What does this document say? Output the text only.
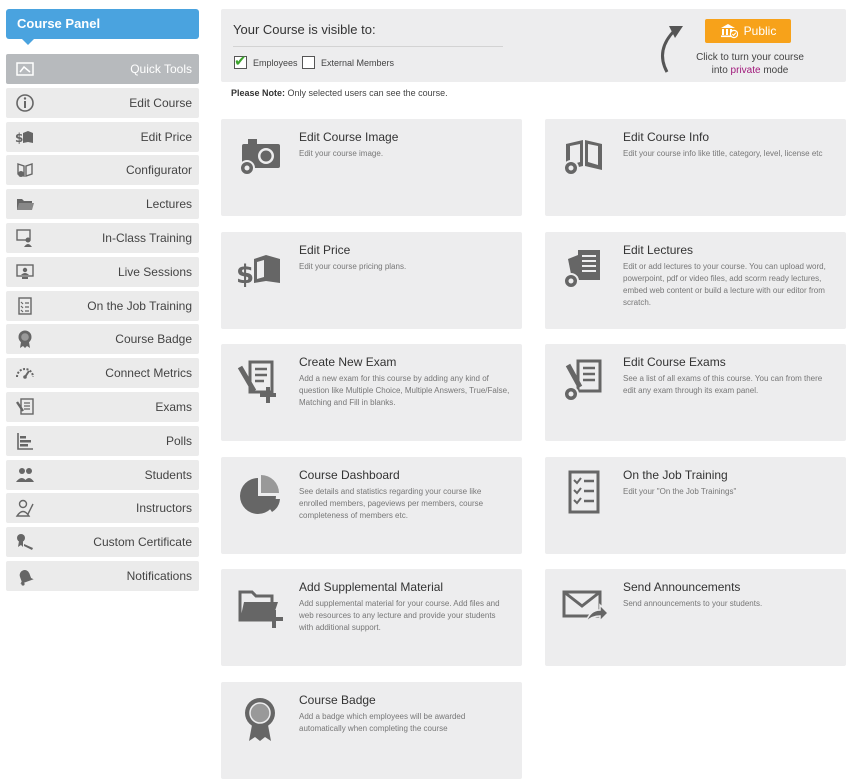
Course Panel
Quick Tools
Edit Course
$	Edit Price
Configurator
Lectures
In-Class Training
Live Sessions
On the Job Training
Course Badge
Connect Metrics
Exams
Polls
Students
Instructors
Custom Certificate
Notifications
Your Course is visible to:
✔
Employees	External Members
Public
Click to turn your course
into private mode
Please Note: Only selected users can see the course.
Edit Course Image
Edit your course image.
Edit Course Info
Edit your course info like title, category, level, license etc
$
Edit Price
Edit your course pricing plans.
Edit Lectures
Edit or add lectures to your course. You can upload word, powerpoint, pdf or video files, add scorm ready lectures, embed web content or build a lecture with our editor from scratch.
Create New Exam
Add a new exam for this course by adding any kind of question like Multiple Choice, Multiple Answers, True/False, Matching and Fill in blanks.
Edit Course Exams
See a list of all exams of this course. You can from there edit any exam through its exam panel.
Course Dashboard
See details and statistics regarding your course like enrolled members, pageviews per members, course completeness of members etc.
On the Job Training
Edit your "On the Job Trainings"
Add Supplemental Material
Add supplemental material for your course. Add files and web resources to any lecture and provide your students with additional support.
Send Announcements
Send announcements to your students.
Course Badge
Add a badge which employees will be awarded automatically when completing the course
